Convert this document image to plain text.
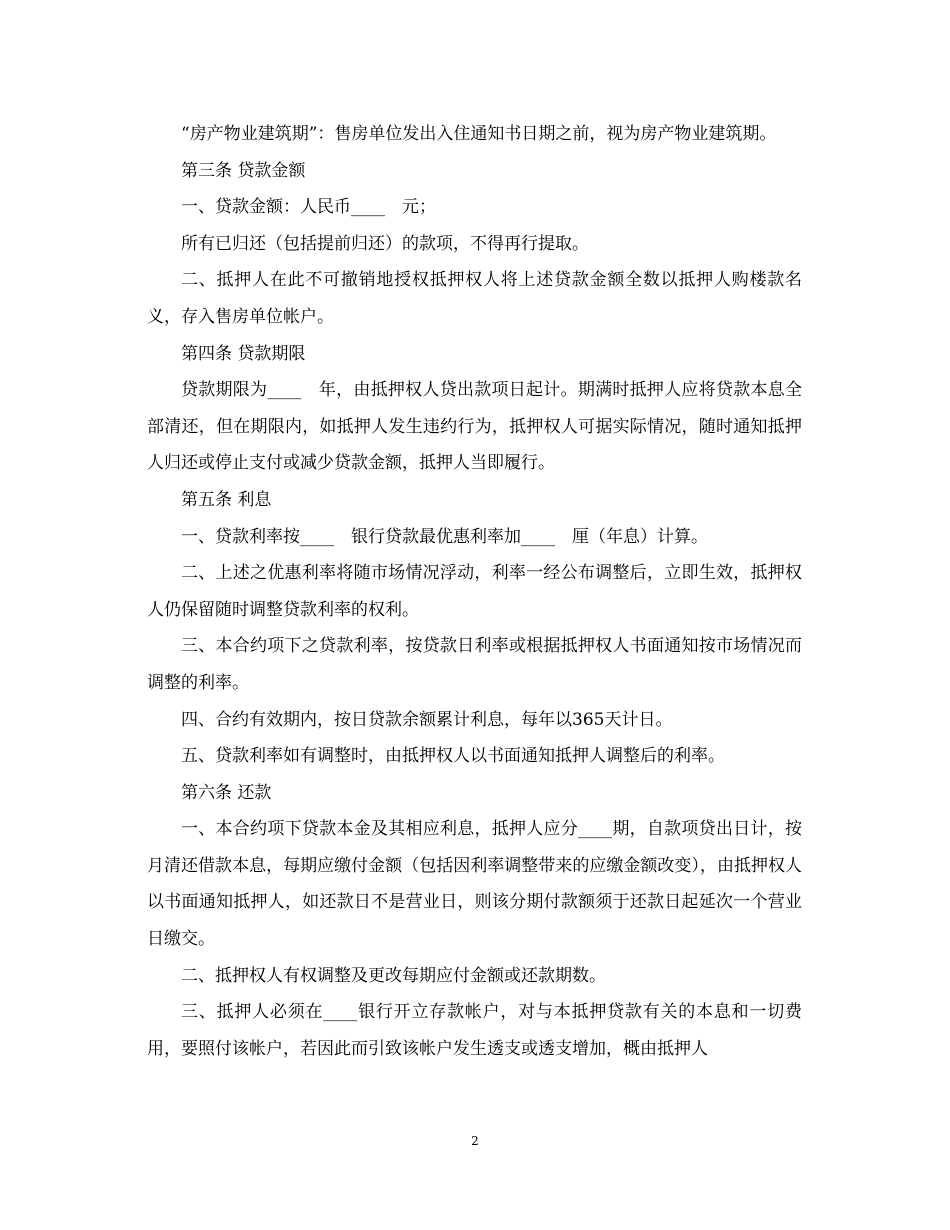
“房产物业建筑期”：售房单位发出入住通知书日期之前，视为房产物业建筑期。

第三条 贷款金额

一、贷款金额：人民币____　元；

所有已归还（包括提前归还）的款项，不得再行提取。

二、抵押人在此不可撤销地授权抵押权人将上述贷款金额全数以抵押人购楼款名义，存入售房单位帐户。

第四条 贷款期限

贷款期限为____　年，由抵押权人贷出款项日起计。期满时抵押人应将贷款本息全部清还，但在期限内，如抵押人发生违约行为，抵押权人可据实际情况，随时通知抵押人归还或停止支付或减少贷款金额，抵押人当即履行。

第五条 利息

一、贷款利率按____　银行贷款最优惠利率加____　厘（年息）计算。

二、上述之优惠利率将随市场情况浮动，利率一经公布调整后，立即生效，抵押权人仍保留随时调整贷款利率的权利。

三、本合约项下之贷款利率，按贷款日利率或根据抵押权人书面通知按市场情况而调整的利率。

四、合约有效期内，按日贷款余额累计利息，每年以365天计日。

五、贷款利率如有调整时，由抵押权人以书面通知抵押人调整后的利率。

第六条 还款

一、本合约项下贷款本金及其相应利息，抵押人应分____期，自款项贷出日计，按月清还借款本息，每期应缴付金额（包括因利率调整带来的应缴金额改变），由抵押权人以书面通知抵押人，如还款日不是营业日，则该分期付款额须于还款日起延次一个营业日缴交。

二、抵押权人有权调整及更改每期应付金额或还款期数。

三、抵押人必须在____银行开立存款帐户，对与本抵押贷款有关的本息和一切费用，要照付该帐户，若因此而引致该帐户发生透支或透支增加，概由抵押人

2
